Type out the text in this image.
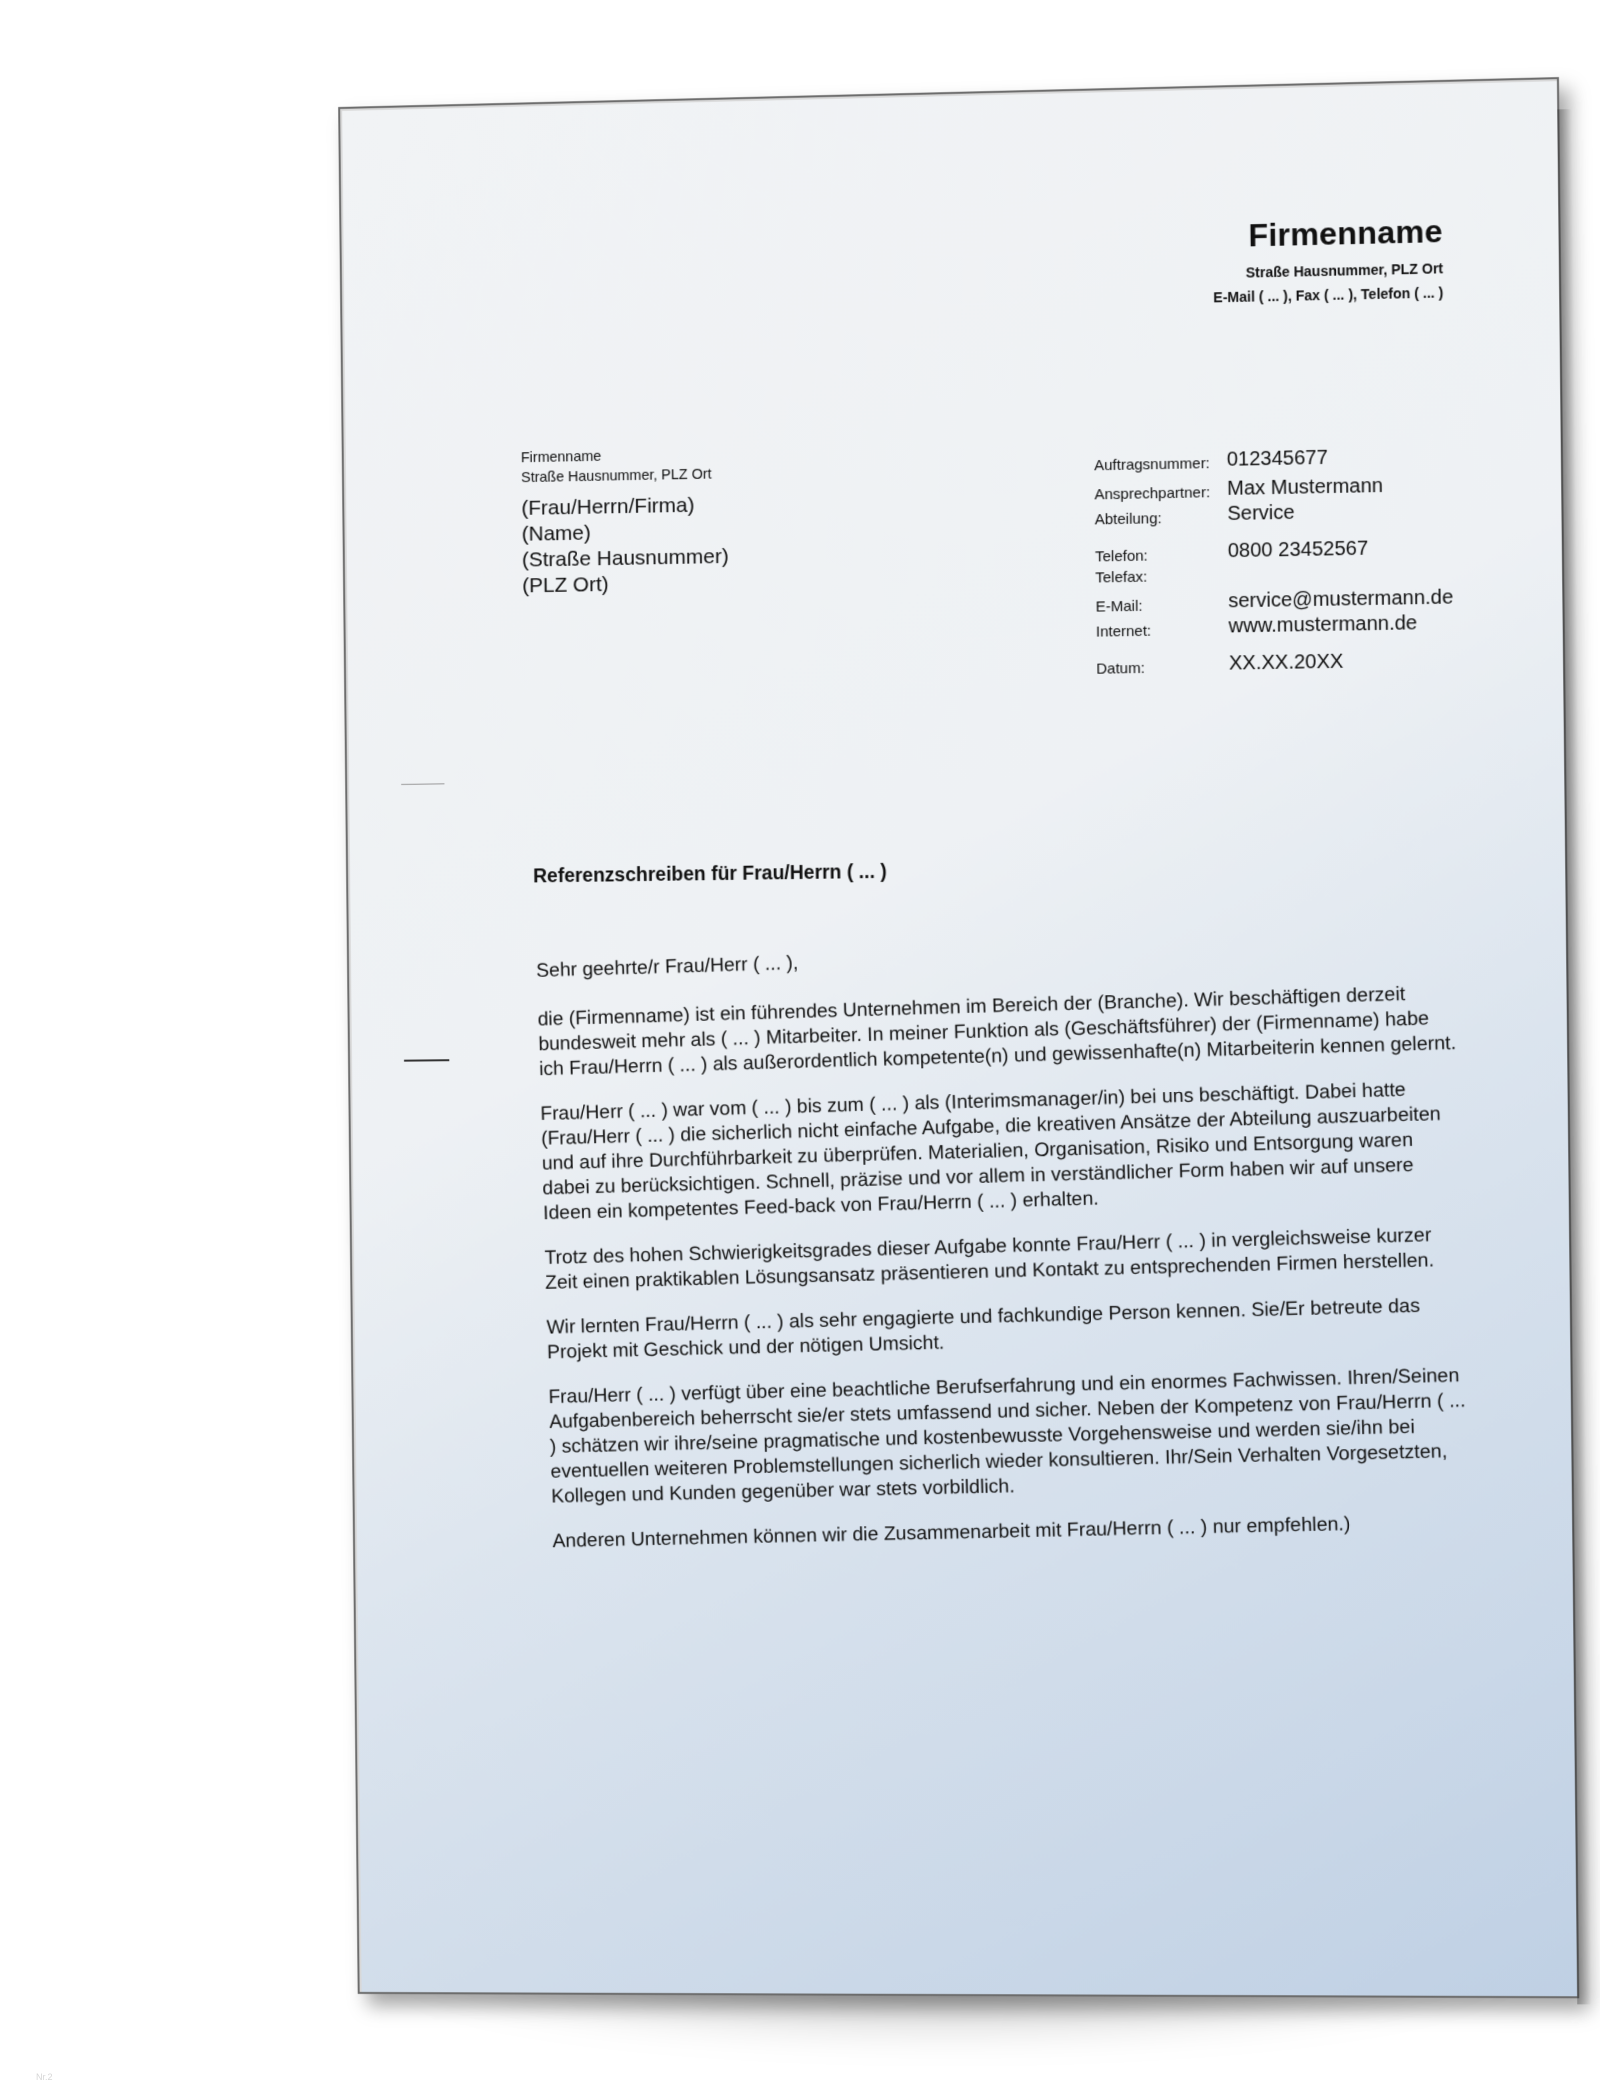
Firmenname
Straße Hausnummer, PLZ Ort
E-Mail ( ... ), Fax ( ... ), Telefon ( ... )
Firmenname
Straße Hausnummer, PLZ Ort
(Frau/Herrn/Firma)
(Name)
(Straße Hausnummer)
(PLZ Ort)
Auftragsnummer:	012345677
Ansprechpartner:	Max Mustermann
Abteilung:	Service
Telefon:	0800 23452567
Telefax:	
E-Mail:	service@mustermann.de
Internet:	www.mustermann.de
Datum:	XX.XX.20XX
Referenzschreiben für Frau/Herrn ( ... )

Sehr geehrte/r Frau/Herr ( ... ),

die (Firmenname) ist ein führendes Unternehmen im Bereich der (Branche). Wir beschäftigen derzeit bundesweit mehr als ( ... ) Mitarbeiter. In meiner Funktion als (Geschäftsführer) der (Firmenname) habe ich Frau/Herrn ( ... ) als außerordentlich kompetente(n) und gewissenhafte(n) Mitarbeiterin kennen gelernt.

Frau/Herr ( ... ) war vom ( ... ) bis zum ( ... ) als (Interimsmanager/in) bei uns beschäftigt. Dabei hatte (Frau/Herr ( ... ) die sicherlich nicht einfache Aufgabe, die kreativen Ansätze der Abteilung auszuarbeiten und auf ihre Durchführbarkeit zu überprüfen. Materialien, Organisation, Risiko und Entsorgung waren dabei zu berücksichtigen. Schnell, präzise und vor allem in verständlicher Form haben wir auf unsere Ideen ein kompetentes Feed-back von Frau/Herrn ( ... ) erhalten.

Trotz des hohen Schwierigkeitsgrades dieser Aufgabe konnte Frau/Herr ( ... ) in vergleichsweise kurzer Zeit einen praktikablen Lösungsansatz präsentieren und Kontakt zu entsprechenden Firmen herstellen.

Wir lernten Frau/Herrn ( ... ) als sehr engagierte und fachkundige Person kennen. Sie/Er betreute das Projekt mit Geschick und der nötigen Umsicht.

Frau/Herr ( ... ) verfügt über eine beachtliche Berufserfahrung und ein enormes Fachwissen. Ihren/Seinen Aufgabenbereich beherrscht sie/er stets umfassend und sicher. Neben der Kompetenz von Frau/Herrn ( ... ) schätzen wir ihre/seine pragmatische und kostenbewusste Vorgehensweise und werden sie/ihn bei eventuellen weiteren Problemstellungen sicherlich wieder konsultieren. Ihr/Sein Verhalten Vorgesetzten, Kollegen und Kunden gegenüber war stets vorbildlich.

Anderen Unternehmen können wir die Zusammenarbeit mit Frau/Herrn ( ... ) nur empfehlen.)

Nr.2
